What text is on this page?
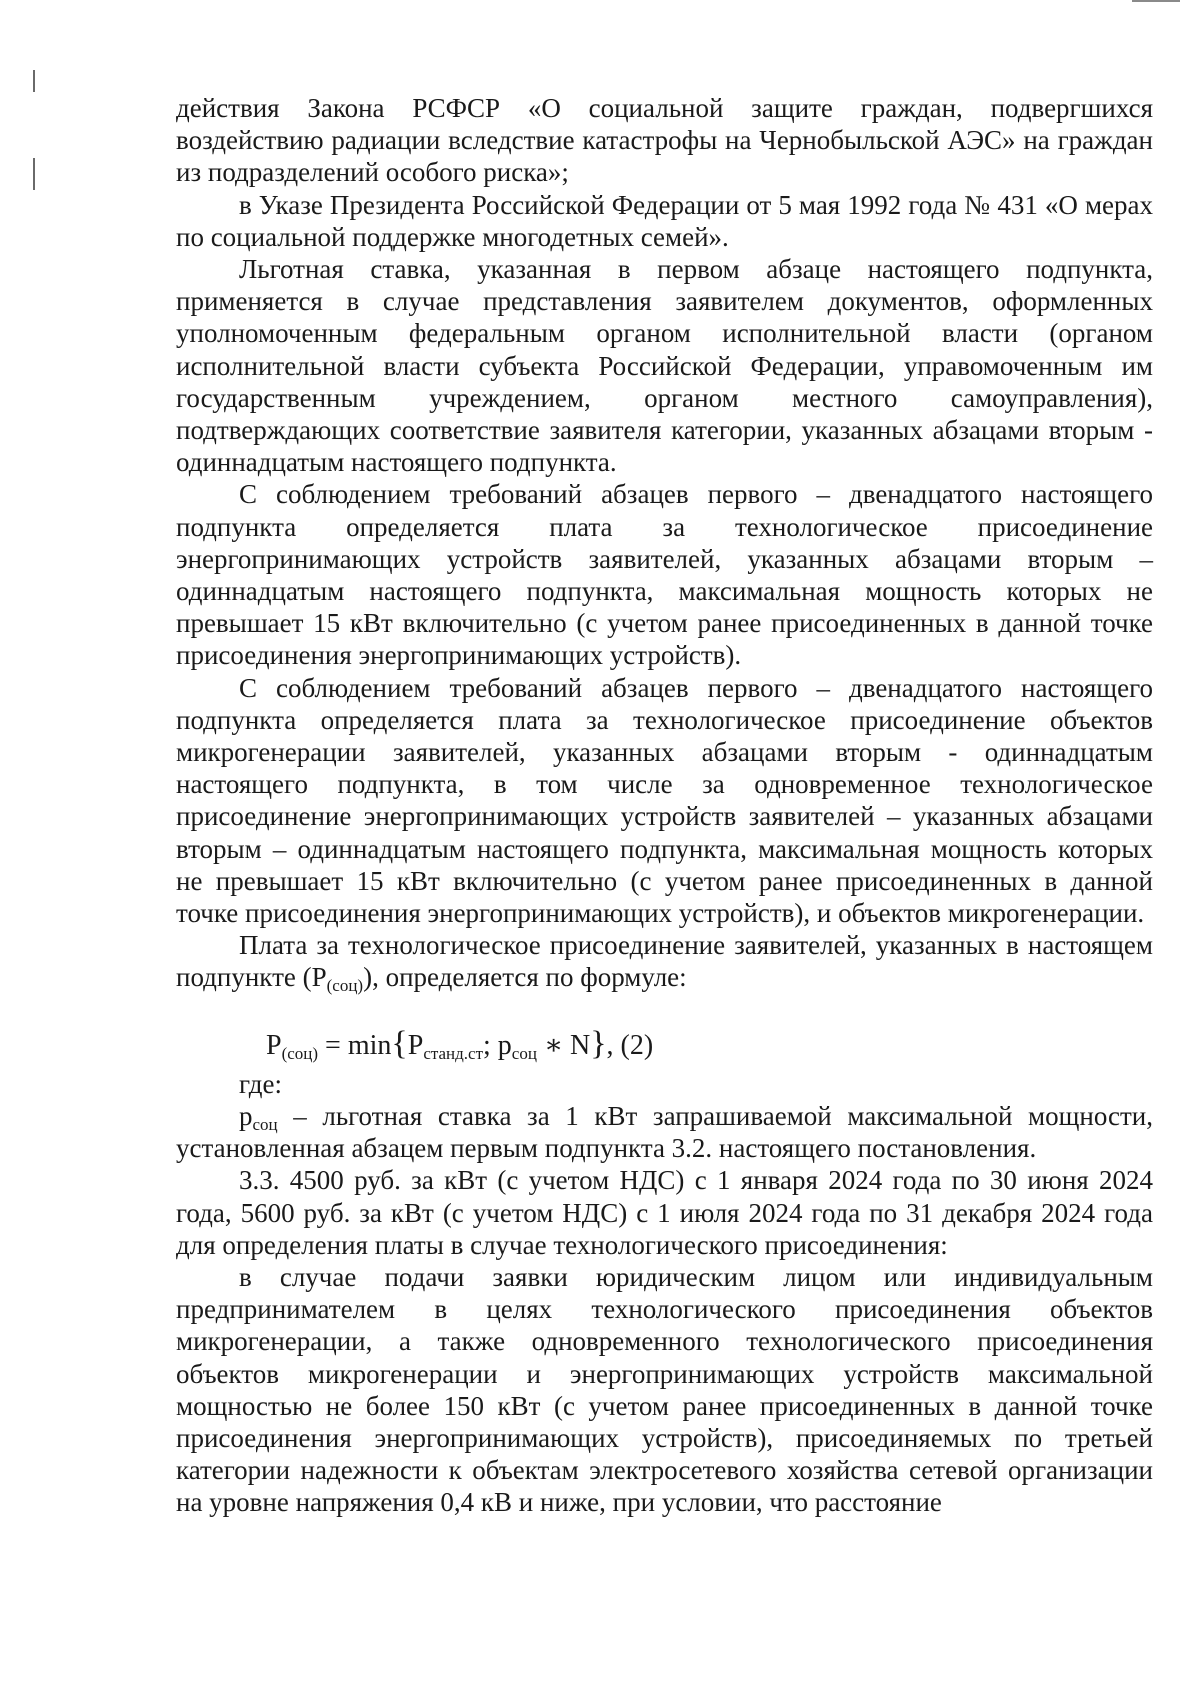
действия Закона РСФСР «О социальной защите граждан, подвергшихся воздействию радиации вследствие катастрофы на Чернобыльской АЭС» на граждан из подразделений особого риска»;

в Указе Президента Российской Федерации от 5 мая 1992 года № 431 «О мерах по социальной поддержке многодетных семей».

Льготная ставка, указанная в первом абзаце настоящего подпункта, применяется в случае представления заявителем документов, оформленных уполномоченным федеральным органом исполнительной власти (органом исполнительной власти субъекта Российской Федерации, управомоченным им государственным учреждением, органом местного самоуправления), подтверждающих соответствие заявителя категории, указанных абзацами вторым - одиннадцатым настоящего подпункта.

С соблюдением требований абзацев первого – двенадцатого настоящего подпункта определяется плата за технологическое присоединение энергопринимающих устройств заявителей, указанных абзацами вторым – одиннадцатым настоящего подпункта, максимальная мощность которых не превышает 15 кВт включительно (с учетом ранее присоединенных в данной точке присоединения энергопринимающих устройств).

С соблюдением требований абзацев первого – двенадцатого настоящего подпункта определяется плата за технологическое присоединение объектов микрогенерации заявителей, указанных абзацами вторым - одиннадцатым настоящего подпункта, в том числе за одновременное технологическое присоединение энергопринимающих устройств заявителей – указанных абзацами вторым – одиннадцатым настоящего подпункта, максимальная мощность которых не превышает 15 кВт включительно (с учетом ранее присоединенных в данной точке присоединения энергопринимающих устройств), и объектов микрогенерации.

Плата за технологическое присоединение заявителей, указанных в настоящем подпункте $(P_{(соц)})$, определяется по формуле:

$P_{(соц)} = \min\{P_{станд.ст}$; $p_{соц}$ ∗ N}, (2)

где:

$p_{соц}$ – льготная ставка за 1 кВт запрашиваемой максимальной мощности, установленная абзацем первым подпункта 3.2. настоящего постановления.

3.3. 4500 руб. за кВт (с учетом НДС) с 1 января 2024 года по 30 июня 2024 года, 5600 руб. за кВт (с учетом НДС) с 1 июля 2024 года по 31 декабря 2024 года для определения платы в случае технологического присоединения:

в случае подачи заявки юридическим лицом или индивидуальным предпринимателем в целях технологического присоединения объектов микрогенерации, а также одновременного технологического присоединения объектов микрогенерации и энергопринимающих устройств максимальной мощностью не более 150 кВт (с учетом ранее присоединенных в данной точке присоединения энергопринимающих устройств), присоединяемых по третьей категории надежности к объектам электросетевого хозяйства сетевой организации на уровне напряжения 0,4 кВ и ниже, при условии, что расстояние
